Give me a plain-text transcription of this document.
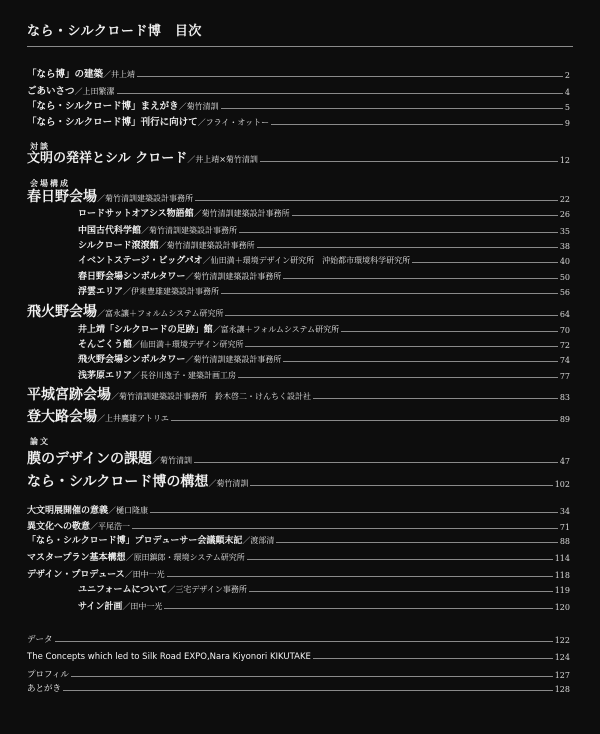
なら・シルクロード博　目次
対談
会場構成
論文
「なら博」の建築／井上靖	2
ごあいさつ／上田繁潔	4
「なら・シルクロード博」まえがき／菊竹清訓	5
「なら・シルクロード博」刊行に向けて／フライ・オットー	9
文明の発祥とシル クロード／井上靖×菊竹清訓	12
春日野会場／菊竹清訓建築設計事務所	22
ロードサットオアシス物語館／菊竹清訓建築設計事務所	26
中国古代科学館／菊竹清訓建築設計事務所	35
シルクロード滾滾館／菊竹清訓建築設計事務所	38
イベントステージ・ビッグパオ／仙田満＋環境デザイン研究所　沖始都市環境科学研究所	40
春日野会場シンボルタワー／菊竹清訓建築設計事務所	50
浮雲エリア／伊東豊雄建築設計事務所	56
飛火野会場／富永讓＋フォルムシステム研究所	64
井上靖「シルクロードの足跡」館／富永讓＋フォルムシステム研究所	70
そんごくう館／仙田満＋環境デザイン研究所	72
飛火野会場シンボルタワー／菊竹清訓建築設計事務所	74
浅茅原エリア／長谷川逸子・建築計画工房	77
平城宮跡会場／菊竹清訓建築設計事務所　鈴木啓二・けんちく設計社	83
登大路会場／上井鷹雄アトリエ	89
膜のデザインの課題／菊竹清訓	47
なら・シルクロード博の構想／菊竹清訓	102
大文明展開催の意義／樋口隆康	34
異文化への敬意／平尾浩一	71
「なら・シルクロード博」プロデューサー会議顛末記／渡部清	88
マスタープラン基本構想／原田鎮郎・環境システム研究所	114
デザイン・プロデュース／田中一光	118
ユニフォームについて／三宅デザイン事務所	119
サイン計画／田中一光	120
データ	122
The Concepts which led to Silk Road EXPO,Nara Kiyonori KIKUTAKE	124
プロフィル	127
あとがき	128
